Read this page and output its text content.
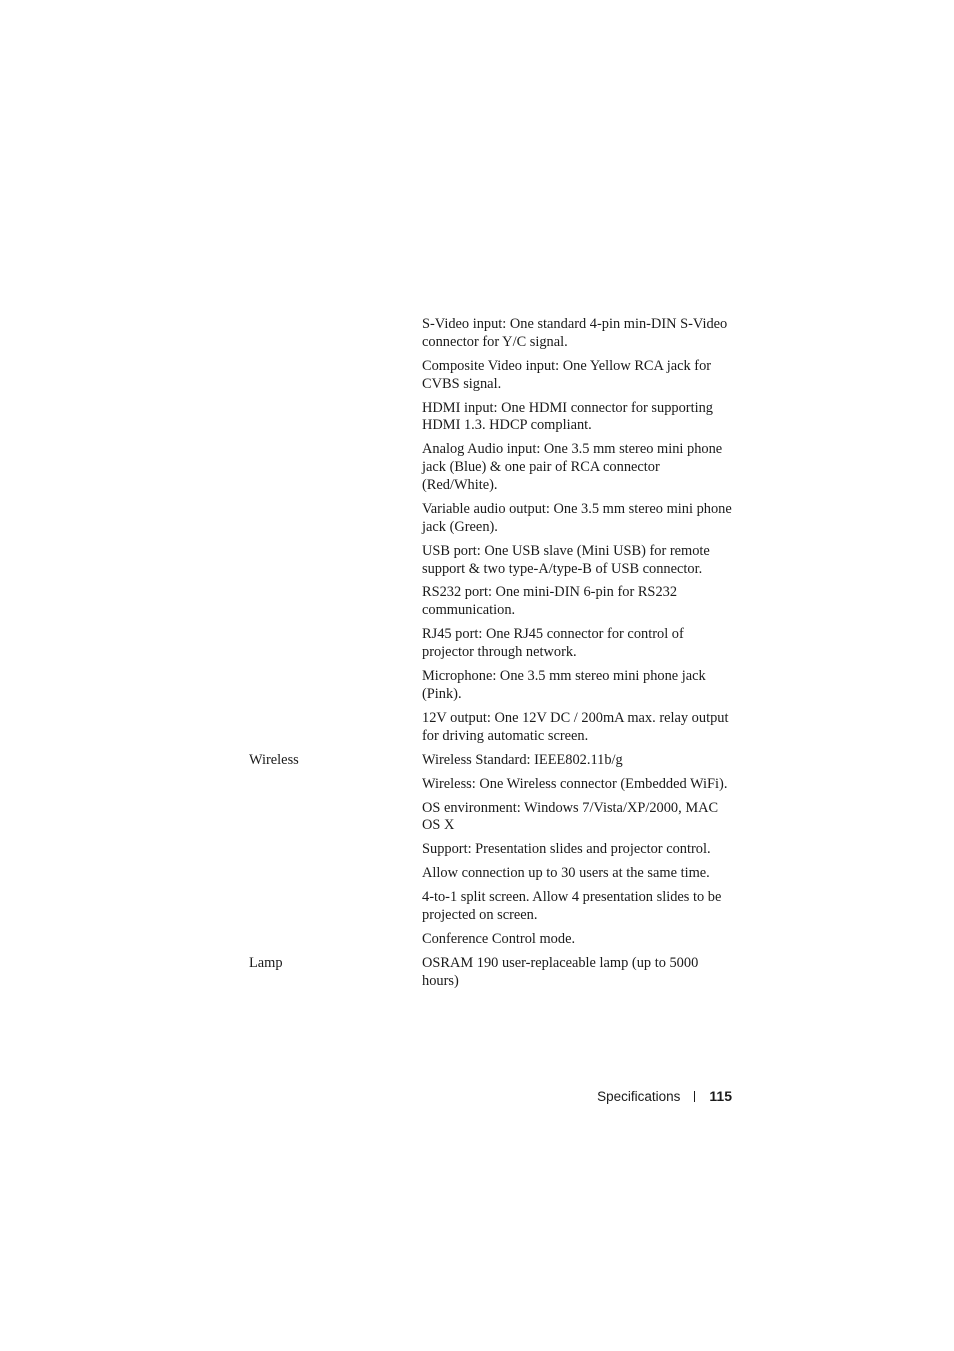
S-Video input: One standard 4-pin min-DIN S-Video connector for Y/C signal.

Composite Video input: One Yellow RCA jack for CVBS signal.

HDMI input: One HDMI connector for supporting HDMI 1.3. HDCP compliant.

Analog Audio input: One 3.5 mm stereo mini phone jack (Blue) & one pair of RCA connector (Red/White).

Variable audio output: One 3.5 mm stereo mini phone jack (Green).

USB port: One USB slave (Mini USB) for remote support & two type-A/type-B of USB connector.

RS232 port: One mini-DIN 6-pin for RS232 communication.

RJ45 port: One RJ45 connector for control of projector through network.

Microphone: One 3.5 mm stereo mini phone jack (Pink).

12V output: One 12V DC / 200mA max. relay output for driving automatic screen.

Wireless	Wireless Standard: IEEE802.11b/g

Wireless: One Wireless connector (Embedded WiFi).

OS environment: Windows 7/Vista/XP/2000, MAC OS X

Support: Presentation slides and projector control.

Allow connection up to 30 users at the same time.

4-to-1 split screen. Allow 4 presentation slides to be projected on screen.

Conference Control mode.

Lamp	OSRAM 190 user-replaceable lamp (up to 5000 hours)

Specifications 115
